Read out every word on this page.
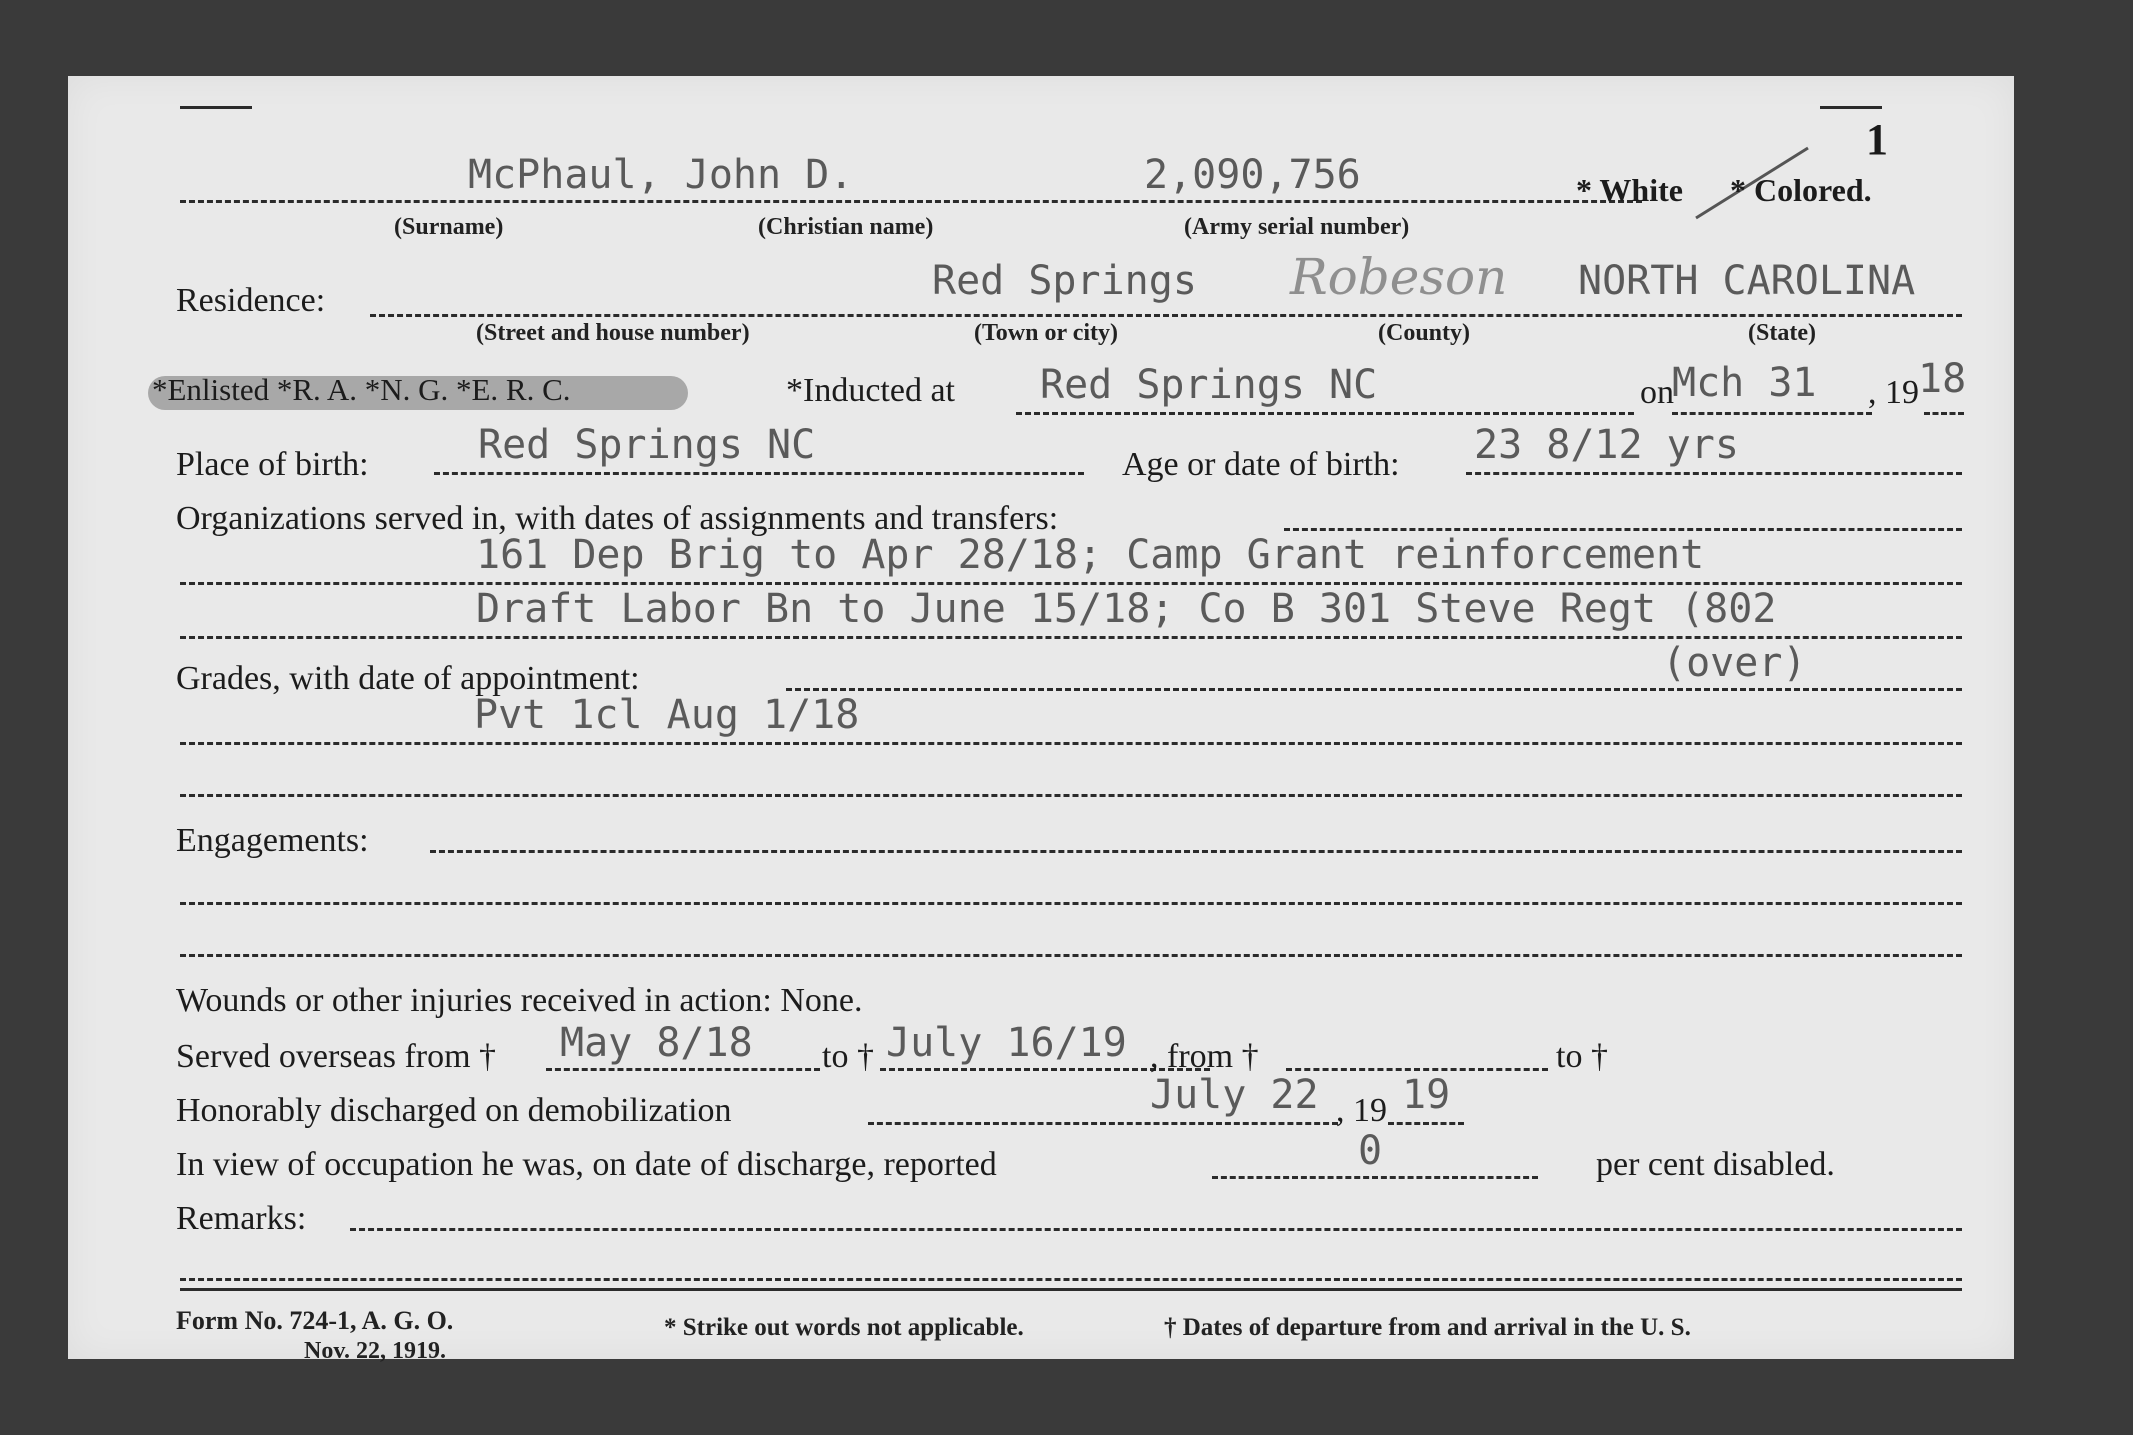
1
McPhaul, John D.	2,090,756	* White * Colored.
(Surname)	(Christian name)	(Army serial number)
Residence:	Red Springs Robeson NORTH CAROLINA
(Street and house number)	(Town or city)	(County)	(State)
*Enlisted *R. A. *N. G. *E. R. C.	*Inducted at Red Springs NC	on
Mch 31 , 19 18
Place of birth:	Red Springs NC	Age or date of birth: 23 8/12 yrs
Organizations served in, with dates of assignments and transfers:
161 Dep Brig to Apr 28/18; Camp Grant reinforcement
Draft Labor Bn to June 15/18; Co B 301 Steve Regt (802
(over)
Grades, with date of appointment:
Pvt 1cl Aug 1/18
Engagements:
Wounds or other injuries received in action: None.
Served overseas from † May 8/18 to † July 16/19 , from †	to †
Honorably discharged on demobilization	July 22 , 19 19
In view of occupation he was, on date of discharge, reported	0	per cent disabled.
Remarks:
Form No. 724-1, A. G. O.
Nov. 22, 1919.
* Strike out words not applicable.	† Dates of departure from and arrival in the U. S.
